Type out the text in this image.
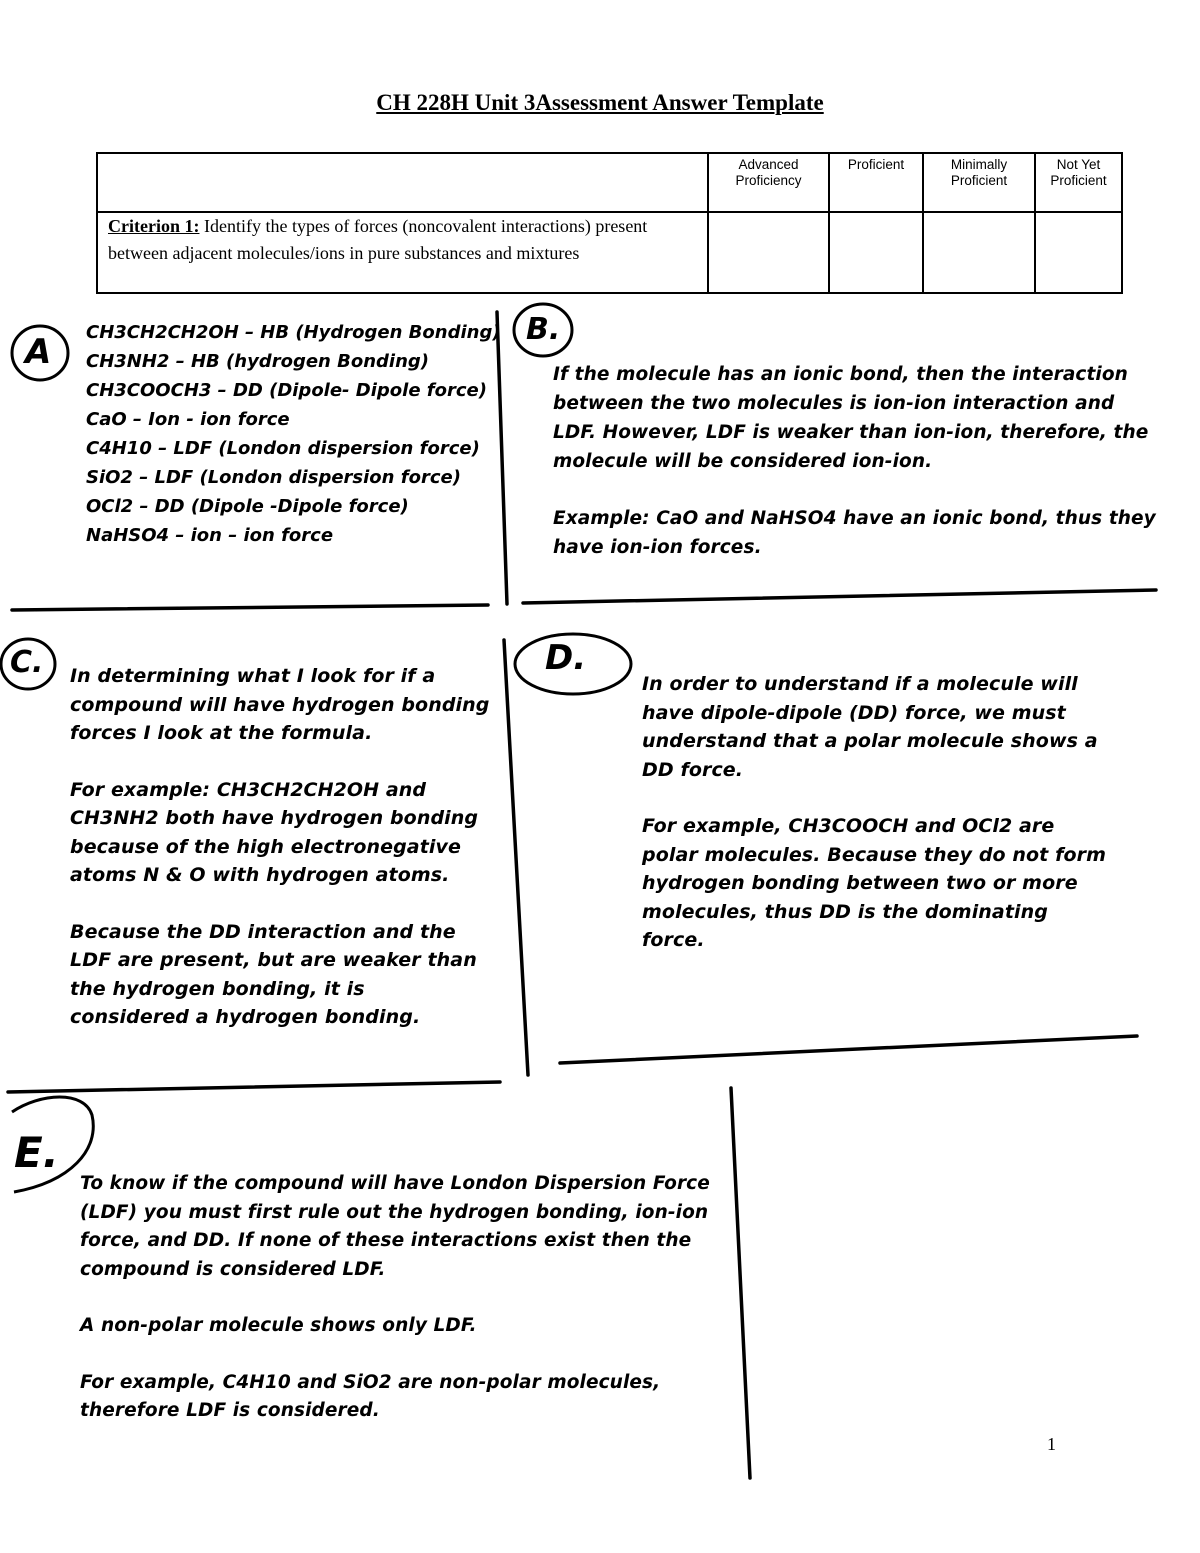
CH 228H Unit 3Assessment Answer Template
	Advanced Proficiency	Proficient	Minimally Proficient	Not Yet Proficient
Criterion 1: Identify the types of forces (noncovalent interactions) present between adjacent molecules/ions in pure substances and mixtures				
A
B.
C.	D.
E.
CH3CH2CH2OH – HB (Hydrogen Bonding)
CH3NH2 – HB (hydrogen Bonding)
CH3COOCH3 – DD (Dipole- Dipole force)
CaO – Ion - ion force
C4H10 – LDF (London dispersion force)
SiO2 – LDF (London dispersion force)
OCl2 – DD (Dipole -Dipole force)
NaHSO4 – ion – ion force

If the molecule has an ionic bond, then the interaction between the two molecules is ion-ion interaction and LDF. However, LDF is weaker than ion-ion, therefore, the molecule will be considered ion-ion.

Example: CaO and NaHSO4 have an ionic bond, thus they have ion-ion forces.

In determining what I look for if a compound will have hydrogen bonding forces I look at the formula.

For example: CH3CH2CH2OH and CH3NH2 both have hydrogen bonding because of the high electronegative atoms N & O with hydrogen atoms.

Because the DD interaction and the LDF are present, but are weaker than the hydrogen bonding, it is considered a hydrogen bonding.

In order to understand if a molecule will have dipole-dipole (DD) force, we must understand that a polar molecule shows a DD force.

For example, CH3COOCH and OCl2 are polar molecules. Because they do not form hydrogen bonding between two or more molecules, thus DD is the dominating force.

To know if the compound will have London Dispersion Force (LDF) you must first rule out the hydrogen bonding, ion-ion force, and DD. If none of these interactions exist then the compound is considered LDF.

A non-polar molecule shows only LDF.

For example, C4H10 and SiO2 are non-polar molecules, therefore LDF is considered.

1
